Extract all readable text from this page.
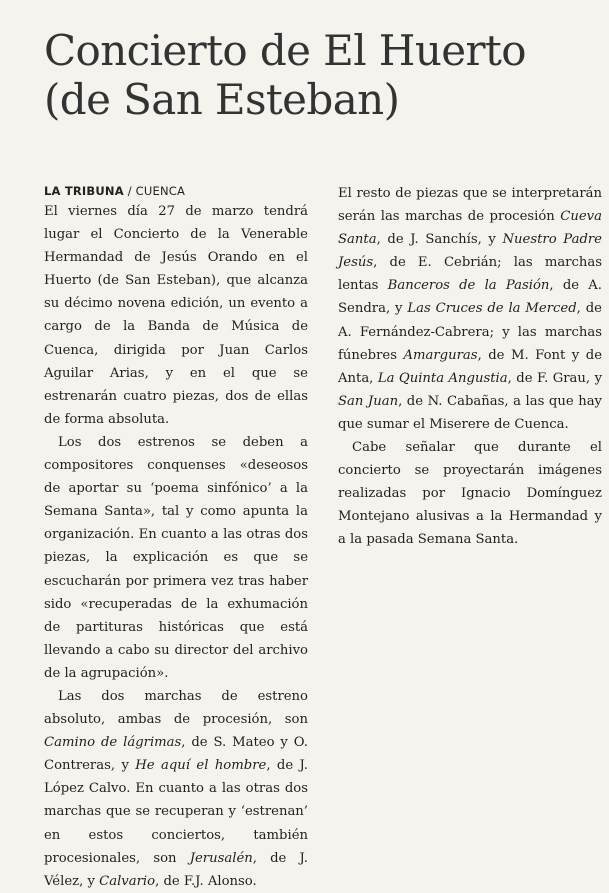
Concierto de El Huerto (de San Esteban)
LA TRIBUNA / CUENCA

El viernes día 27 de marzo tendrá lugar el Concierto de la Venerable Hermandad de Jesús Orando en el Huerto (de San Esteban), que alcanza su décimo novena edición, un evento a cargo de la Banda de Música de Cuenca, dirigida por Juan Carlos Aguilar Arias, y en el que se estrenarán cuatro piezas, dos de ellas de forma absoluta.

Los dos estrenos se deben a compositores conquenses «deseosos de aportar su ‘poema sinfónico’ a la Semana Santa», tal y como apunta la organización. En cuanto a las otras dos piezas, la explicación es que se escucharán por primera vez tras haber sido «recuperadas de la exhumación de partituras históricas que está llevando a cabo su director del archivo de la agrupación».

Las dos marchas de estreno absoluto, ambas de procesión, son Camino de lágrimas, de S. Mateo y O. Contreras, y He aquí el hombre, de J. López Calvo. En cuanto a las otras dos marchas que se recuperan y ‘estrenan’ en estos conciertos, también procesionales, son Jerusalén, de J. Vélez, y Calvario, de F.J. Alonso.

El resto de piezas que se interpretarán serán las marchas de procesión Cueva Santa, de J. Sanchís, y Nuestro Padre Jesús, de E. Cebrián; las marchas lentas Banceros de la Pasión, de A. Sendra, y Las Cruces de la Merced, de A. Fernández-Cabrera; y las marchas fúnebres Amarguras, de M. Font y de Anta, La Quinta Angustia, de F. Grau, y San Juan, de N. Cabañas, a las que hay que sumar el Miserere de Cuenca.

Cabe señalar que durante el concierto se proyectarán imágenes realizadas por Ignacio Domínguez Montejano alusivas a la Hermandad y a la pasada Semana Santa.
